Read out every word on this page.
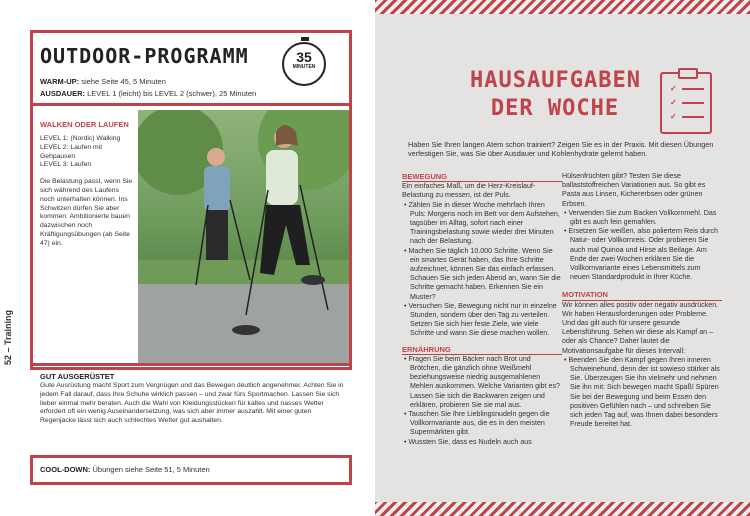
52 – Training
OUTDOOR-PROGRAMM	35
MINUTEN
WARM-UP: siehe Seite 45, 5 Minuten
AUSDAUER: LEVEL 1 (leicht) bis LEVEL 2 (schwer), 25 Minuten
WALKEN ODER LAUFEN
LEVEL 1: (Nordic) Walking
LEVEL 2: Laufen mit Gehpausen
LEVEL 3: Laufen
Die Belastung passt, wenn Sie sich während des Laufens noch unterhalten können. Ins Schwitzen dürfen Sie aber kommen. Ambitionierte bauen dazwischen noch Kräftigungsübungen (ab Seite 47) ein.
GUT AUSGERÜSTET
Gute Ausrüstung macht Sport zum Vergnügen und das Bewegen deutlich angenehmer. Achten Sie in jedem Fall darauf, dass Ihre Schuhe wirklich passen – und zwar fürs Sportmachen. Lassen Sie sich lieber einmal mehr beraten. Auch die Wahl von Kleidungsstücken für kaltes und nasses Wetter erfordert oft ein wenig Auseinandersetzung, was sich aber immer auszahlt. Mit einer guten Regenjacke lässt sich auch schlechtes Wetter gut aushalten.
COOL-DOWN: Übungen siehe Seite 51, 5 Minuten
HAUSAUFGABEN
DER WOCHE
✓
✓
✓
Haben Sie Ihren langen Atem schon trainiert? Zeigen Sie es in der Praxis. Mit diesen Übungen verfestigen Sie, was Sie über Ausdauer und Kohlenhydrate gelernt haben.
BEWEGUNG
Ein einfaches Maß, um die Herz-Kreislauf-Belastung zu messen, ist der Puls.
• Zählen Sie in dieser Woche mehrfach Ihren Puls: Morgens noch im Bett vor dem Aufstehen, tagsüber im Alltag, sofort nach einer Trainingsbelastung sowie wieder drei Minuten nach der Belastung.
• Machen Sie täglich 10.000 Schritte. Wenn Sie ein smartes Gerät haben, das Ihre Schritte aufzeichnet, können Sie das einfach erfassen. Schauen Sie sich jeden Abend an, wann Sie die Schritte gemacht haben. Erkennen Sie ein Muster?
• Versuchen Sie, Bewegung nicht nur in einzelne Stunden, sondern über den Tag zu verteilen. Setzen Sie sich hier feste Ziele, wie viele Schritte und wann Sie diese machen wollen.
ERNÄHRUNG
• Fragen Sie beim Bäcker nach Brot und Brötchen, die gänzlich ohne Weißmehl beziehungsweise niedrig ausgemahlenen Mehlen auskommen. Welche Varianten gibt es? Lassen Sie sich die Backwaren zeigen und erklären, probieren Sie sie mal aus.
• Tauschen Sie Ihre Lieblingsnudeln gegen die Vollkornvariante aus, die es in den meisten Supermärkten gibt.
• Wussten Sie, dass es Nudeln auch aus
Hülsenfrüchten gibt? Testen Sie diese ballaststoffreichen Variationen aus. So gibt es Pasta aus Linsen, Kichererbsen oder grünen Erbsen.
• Verwenden Sie zum Backen Vollkornmehl. Das gibt es auch fein gemahlen.
• Ersetzen Sie weißen, also poliertern Reis durch Natur- oder Vollkornreis. Oder probieren Sie auch mal Quinoa und Hirse als Beilage. Am Ende der zwei Wochen erklären Sie die Vollkornvariante eines Lebensmittels zum neuen Standardprodukt in Ihrer Küche.
MOTIVATION
Wir können alles positiv oder negativ ausdrücken. Wir haben Herausforderungen oder Probleme. Und das gilt auch für unsere gesunde Lebensführung. Sehen wir diese als Kampf an – oder als Chance? Daher lautet die Motivationsaufgabe für dieses Intervall:
• Beenden Sie den Kampf gegen Ihren inneren Schweinehund, denn der ist sowieso stärker als Sie. Überzeugen Sie ihn vielmehr und nehmen Sie ihn mit: Sich bewegen macht Spaß! Spüren Sie bei der Bewegung und beim Essen den positiven Gefühlen nach – und schreiben Sie sich jeden Tag auf, was Ihnen dabei besonders Freude bereitet hat.
